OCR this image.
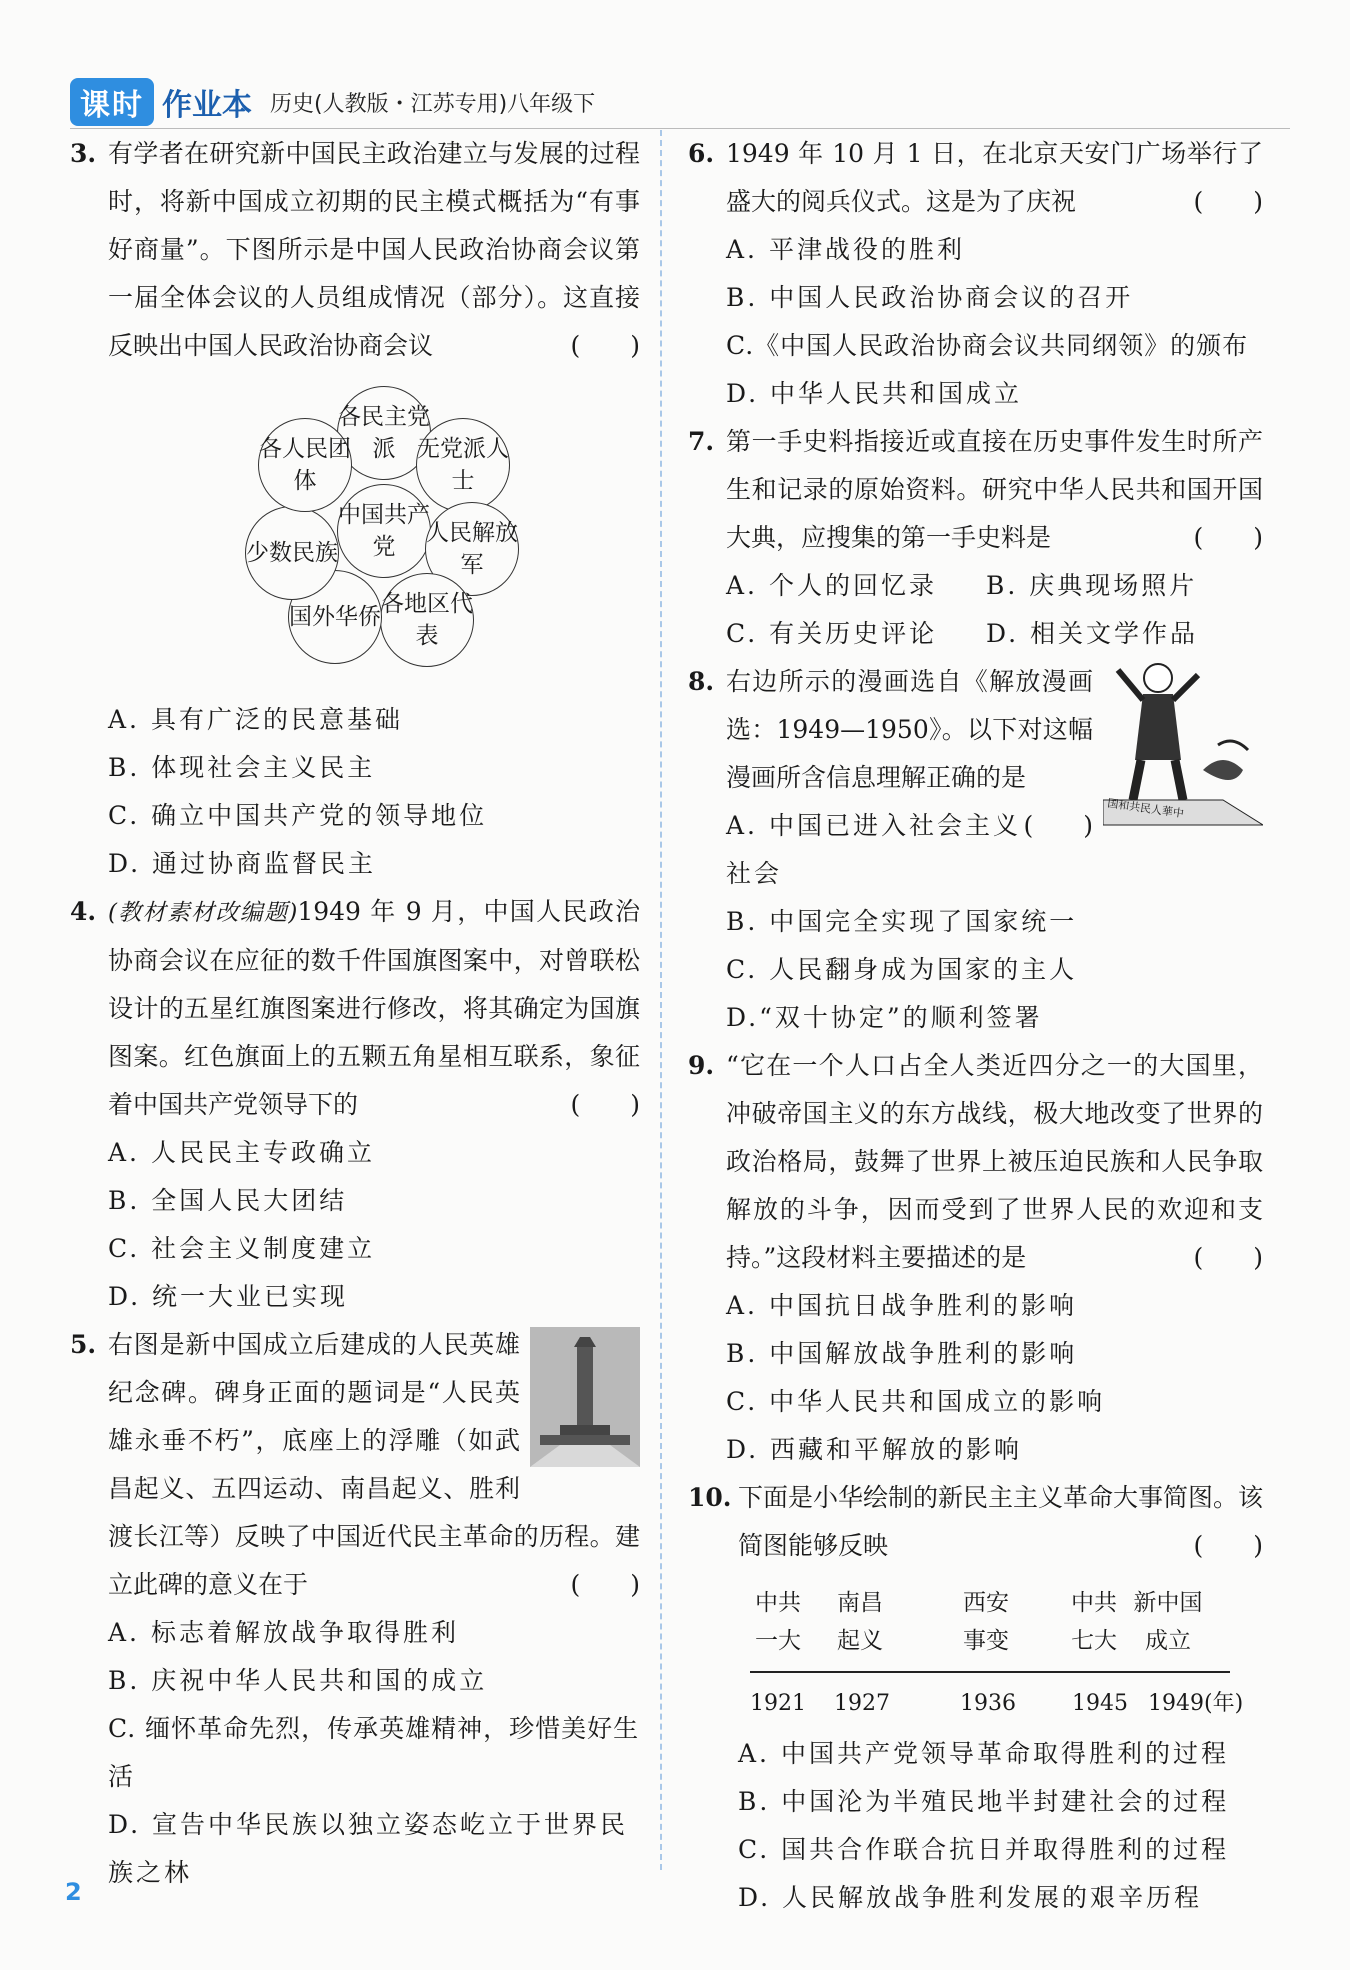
课时 作业本 历史(人教版・江苏专用)八年级下
3. 有学者在研究新中国民主政治建立与发展的过程时，将新中国成立初期的民主模式概括为“有事好商量”。下图所示是中国人民政治协商会议第一届全体会议的人员组成情况（部分）。这直接反映出中国人民政治协商会议	(　　)
中国共产党
各民主党派 无党派人士
人民解放军
各地区代表
国外华侨
少数民族
各人民团体
A. 具有广泛的民意基础
B. 体现社会主义民主
C. 确立中国共产党的领导地位
D. 通过协商监督民主
4. (教材素材改编题)1949 年 9 月，中国人民政治协商会议在应征的数千件国旗图案中，对曾联松设计的五星红旗图案进行修改，将其确定为国旗图案。红色旗面上的五颗五角星相互联系，象征着中国共产党领导下的	(　　)
A. 人民民主专政确立
B. 全国人民大团结
C. 社会主义制度建立
D. 统一大业已实现
5. 右图是新中国成立后建成的人民英雄纪念碑。碑身正面的题词是“人民英雄永垂不朽”，底座上的浮雕（如武昌起义、五四运动、南昌起义、胜利渡长江等）反映了中国近代民主革命的历程。建立此碑的意义在于	(　　)
A. 标志着解放战争取得胜利
B. 庆祝中华人民共和国的成立
C. 缅怀革命先烈，传承英雄精神，珍惜美好生活
D. 宣告中华民族以独立姿态屹立于世界民族之林
6. 1949 年 10 月 1 日，在北京天安门广场举行了盛大的阅兵仪式。这是为了庆祝	(　　)
A. 平津战役的胜利
B. 中国人民政治协商会议的召开
C.《中国人民政治协商会议共同纲领》的颁布
D. 中华人民共和国成立
7. 第一手史料指接近或直接在历史事件发生时所产生和记录的原始资料。研究中华人民共和国开国大典，应搜集的第一手史料是	(　　)
A. 个人的回忆录 B. 庆典现场照片
C. 有关历史评论 D. 相关文学作品
8.
国和共民人華中
右边所示的漫画选自《解放漫画选：1949—1950》。以下对这幅漫画所含信息理解正确的是
(　　)
A. 中国已进入社会主义社会
B. 中国完全实现了国家统一
C. 人民翻身成为国家的主人
D.“双十协定”的顺利签署
9. “它在一个人口占全人类近四分之一的大国里，冲破帝国主义的东方战线，极大地改变了世界的政治格局，鼓舞了世界上被压迫民族和人民争取解放的斗争，因而受到了世界人民的欢迎和支持。”这段材料主要描述的是	(　　)
A. 中国抗日战争胜利的影响
B. 中国解放战争胜利的影响
C. 中华人民共和国成立的影响
D. 西藏和平解放的影响
10. 下面是小华绘制的新民主主义革命大事简图。该简图能够反映	(　　)
中共
一大
南昌
起义
西安
事变
中共
七大
新中国
成立
1921 1927	1936	1945 1949(年)
A. 中国共产党领导革命取得胜利的过程
B. 中国沦为半殖民地半封建社会的过程
C. 国共合作联合抗日并取得胜利的过程
D. 人民解放战争胜利发展的艰辛历程
2
